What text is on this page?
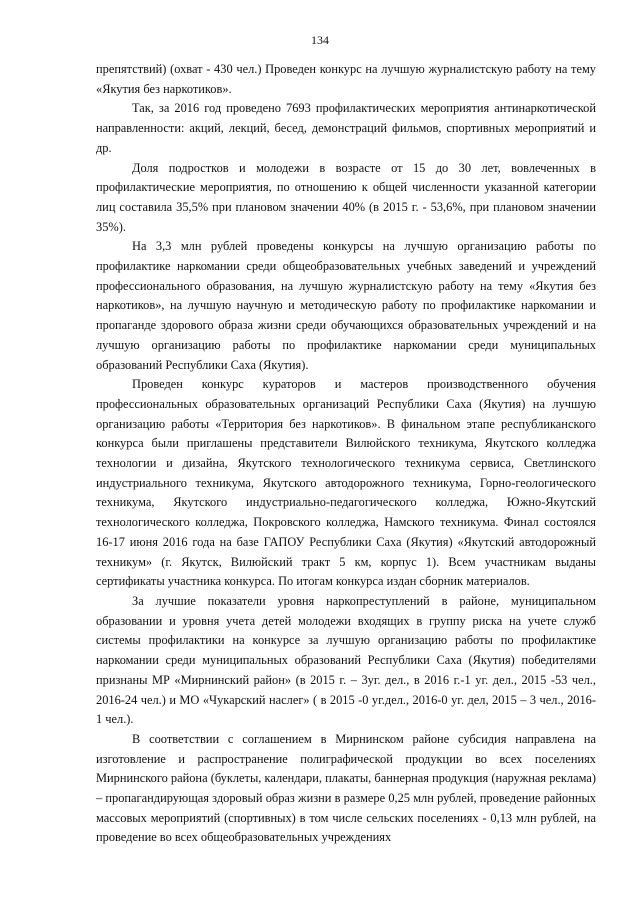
134

препятствий) (охват - 430 чел.) Проведен конкурс на лучшую журналистскую работу на тему «Якутия без наркотиков».

Так, за 2016 год проведено 7693 профилактических мероприятия антинаркотической направленности: акций, лекций, бесед, демонстраций фильмов, спортивных мероприятий и др.

Доля подростков и молодежи в возрасте от 15 до 30 лет, вовлеченных в профилактические мероприятия, по отношению к общей численности указанной категории лиц составила 35,5% при плановом значении 40% (в 2015 г. - 53,6%, при плановом значении 35%).

На 3,3 млн рублей проведены конкурсы на лучшую организацию работы по профилактике наркомании среди общеобразовательных учебных заведений и учреждений профессионального образования, на лучшую журналистскую работу на тему «Якутия без наркотиков», на лучшую научную и методическую работу по профилактике наркомании и пропаганде здорового образа жизни среди обучающихся образовательных учреждений и на лучшую организацию работы по профилактике наркомании среди муниципальных образований Республики Саха (Якутия).

Проведен конкурс кураторов и мастеров производственного обучения профессиональных образовательных организаций Республики Саха (Якутия) на лучшую организацию работы «Территория без наркотиков». В финальном этапе республиканского конкурса были приглашены представители Вилюйского техникума, Якутского колледжа технологии и дизайна, Якутского технологического техникума сервиса, Светлинского индустриального техникума, Якутского автодорожного техникума, Горно-геологического техникума, Якутского индустриально-педагогического колледжа, Южно-Якутский технологического колледжа, Покровского колледжа, Намского техникума. Финал состоялся 16-17 июня 2016 года на базе ГАПОУ Республики Саха (Якутия) «Якутский автодорожный техникум» (г. Якутск, Вилюйский тракт 5 км, корпус 1). Всем участникам выданы сертификаты участника конкурса. По итогам конкурса издан сборник материалов.

За лучшие показатели уровня наркопреступлений в районе, муниципальном образовании и уровня учета детей молодежи входящих в группу риска на учете служб системы профилактики на конкурсе за лучшую организацию работы по профилактике наркомании среди муниципальных образований Республики Саха (Якутия) победителями признаны МР «Мирнинский район» (в 2015 г. – 3уг. дел., в 2016 г.-1 уг. дел., 2015 -53 чел., 2016-24 чел.) и МО «Чукарский наслег» ( в 2015 -0 уг.дел., 2016-0 уг. дел, 2015 – 3 чел., 2016- 1 чел.).

В соответствии с соглашением в Мирнинском районе субсидия направлена на изготовление и распространение полиграфической продукции во всех поселениях Мирнинского района (буклеты, календари, плакаты, баннерная продукция (наружная реклама) – пропагандирующая здоровый образ жизни в размере 0,25 млн рублей, проведение районных массовых мероприятий (спортивных) в том числе сельских поселениях - 0,13 млн рублей, на проведение во всех общеобразовательных учреждениях
